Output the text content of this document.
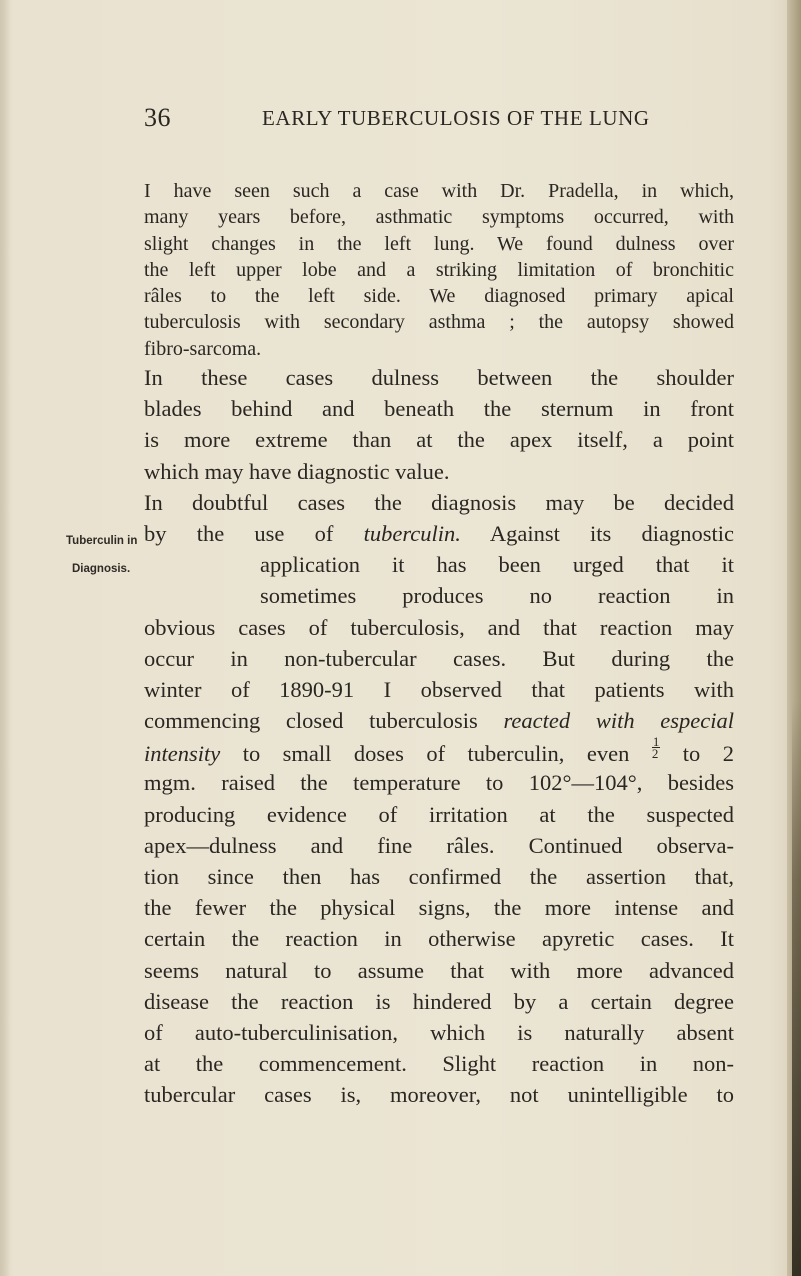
36	EARLY TUBERCULOSIS OF THE LUNG
I have seen such a case with Dr. Pradella, in which,
many years before, asthmatic symptoms occurred, with
slight changes in the left lung. We found dulness over
the left upper lobe and a striking limitation of bronchitic
râles to the left side. We diagnosed primary apical
tuberculosis with secondary asthma ; the autopsy showed
fibro-sarcoma.
In these cases dulness between the shoulder
blades behind and beneath the sternum in front
is more extreme than at the apex itself, a point
which may have diagnostic value.
In doubtful cases the diagnosis may be decided
by the use of tuberculin. Against its diagnostic
application it has been urged that it
sometimes produces no reaction in
obvious cases of tuberculosis, and that reaction may
occur in non-tubercular cases. But during the
winter of 1890-91 I observed that patients with
commencing closed tuberculosis reacted with especial
intensity to small doses of tuberculin, even $\frac{1}{2}$ to 2
mgm. raised the temperature to 102°—104°, besides
producing evidence of irritation at the suspected
apex—dulness and fine râles. Continued observa-
tion since then has confirmed the assertion that,
the fewer the physical signs, the more intense and
certain the reaction in otherwise apyretic cases. It
seems natural to assume that with more advanced
disease the reaction is hindered by a certain degree
of auto-tuberculinisation, which is naturally absent
at the commencement. Slight reaction in non-
tubercular cases is, moreover, not unintelligible to
Tuberculin in
Diagnosis.
